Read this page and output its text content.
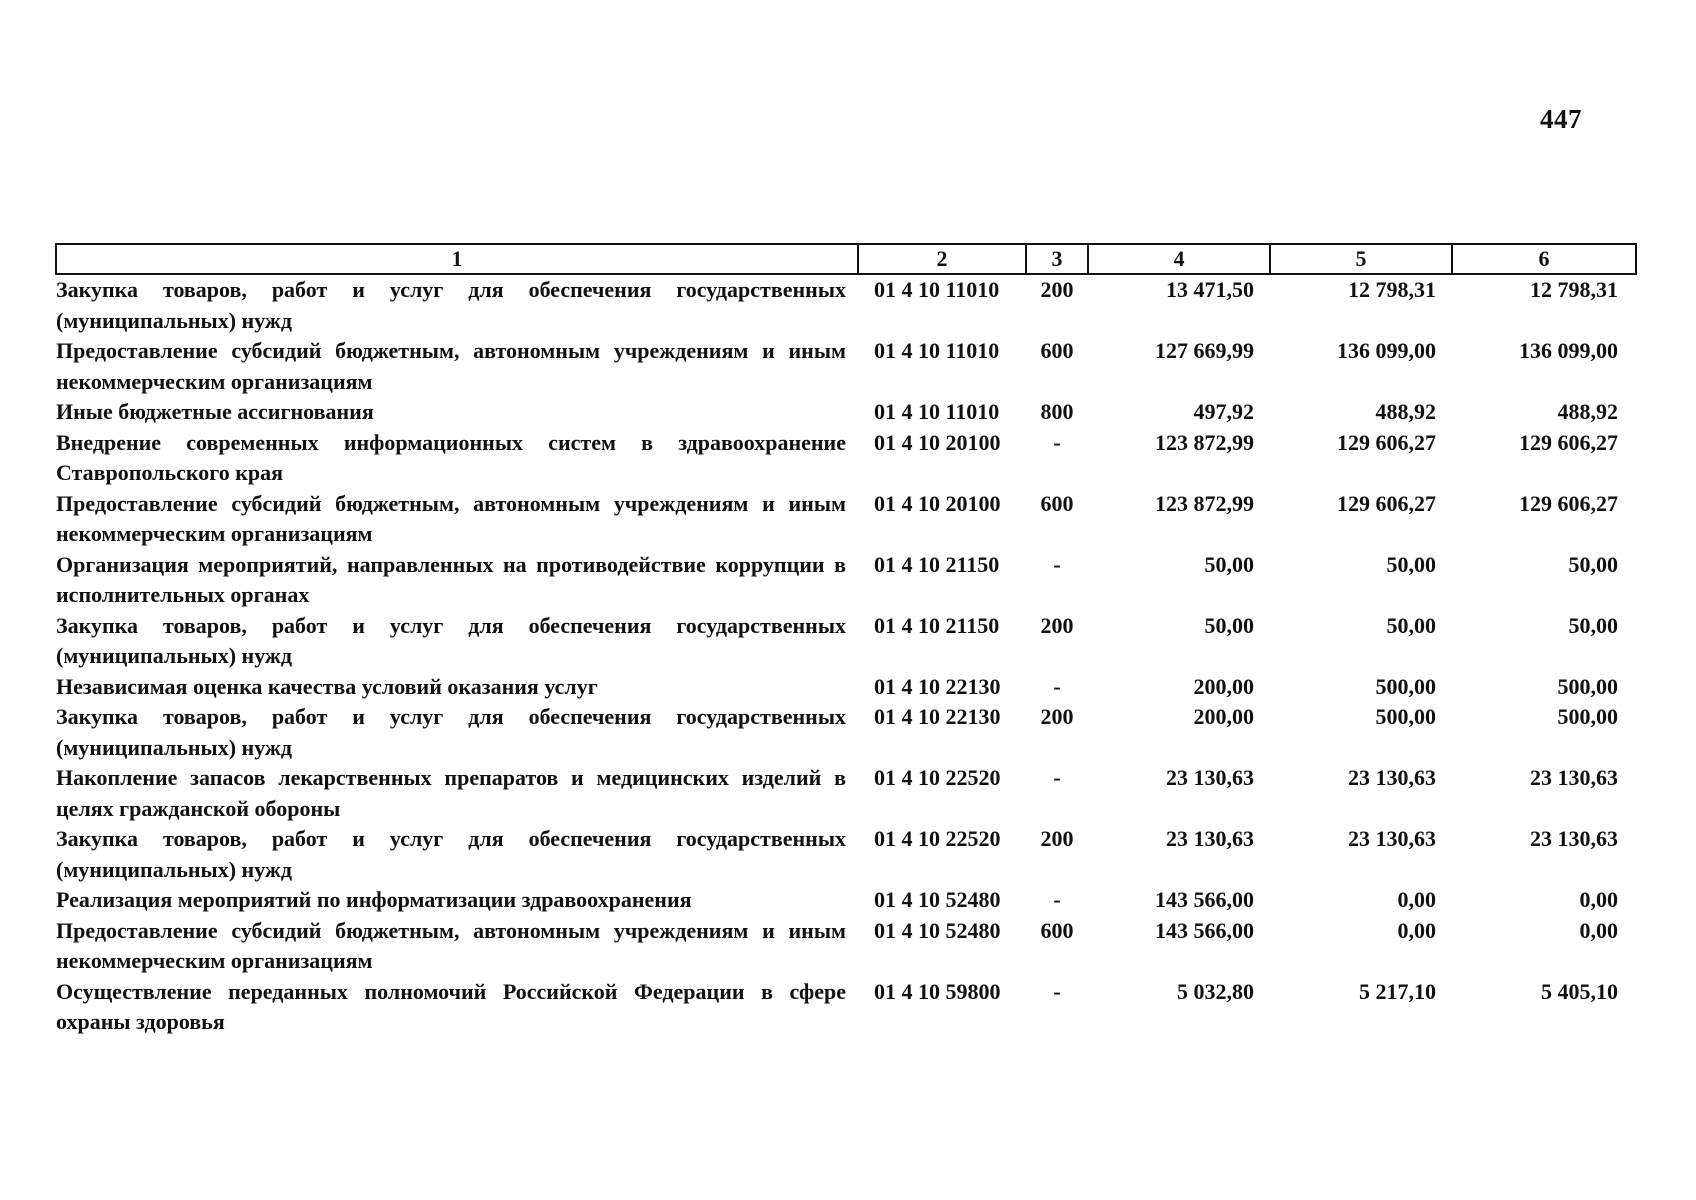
447
1	2	3	4	5	6
Закупка товаров, работ и услуг для обеспечения государственных (муниципальных) нужд	01 4 10 11010	200	13 471,50	12 798,31	12 798,31
Предоставление субсидий бюджетным, автономным учреждениям и иным некоммерческим организациям	01 4 10 11010	600	127 669,99	136 099,00	136 099,00
Иные бюджетные ассигнования	01 4 10 11010	800	497,92	488,92	488,92
Внедрение современных информационных систем в здравоохранение Ставропольского края	01 4 10 20100	-	123 872,99	129 606,27	129 606,27
Предоставление субсидий бюджетным, автономным учреждениям и иным некоммерческим организациям	01 4 10 20100	600	123 872,99	129 606,27	129 606,27
Организация мероприятий, направленных на противодействие коррупции в исполнительных органах	01 4 10 21150	-	50,00	50,00	50,00
Закупка товаров, работ и услуг для обеспечения государственных (муниципальных) нужд	01 4 10 21150	200	50,00	50,00	50,00
Независимая оценка качества условий оказания услуг	01 4 10 22130	-	200,00	500,00	500,00
Закупка товаров, работ и услуг для обеспечения государственных (муниципальных) нужд	01 4 10 22130	200	200,00	500,00	500,00
Накопление запасов лекарственных препаратов и медицинских изделий в целях гражданской обороны	01 4 10 22520	-	23 130,63	23 130,63	23 130,63
Закупка товаров, работ и услуг для обеспечения государственных (муниципальных) нужд	01 4 10 22520	200	23 130,63	23 130,63	23 130,63
Реализация мероприятий по информатизации здравоохранения	01 4 10 52480	-	143 566,00	0,00	0,00
Предоставление субсидий бюджетным, автономным учреждениям и иным некоммерческим организациям	01 4 10 52480	600	143 566,00	0,00	0,00
Осуществление переданных полномочий Российской Федерации в сфере охраны здоровья	01 4 10 59800	-	5 032,80	5 217,10	5 405,10
